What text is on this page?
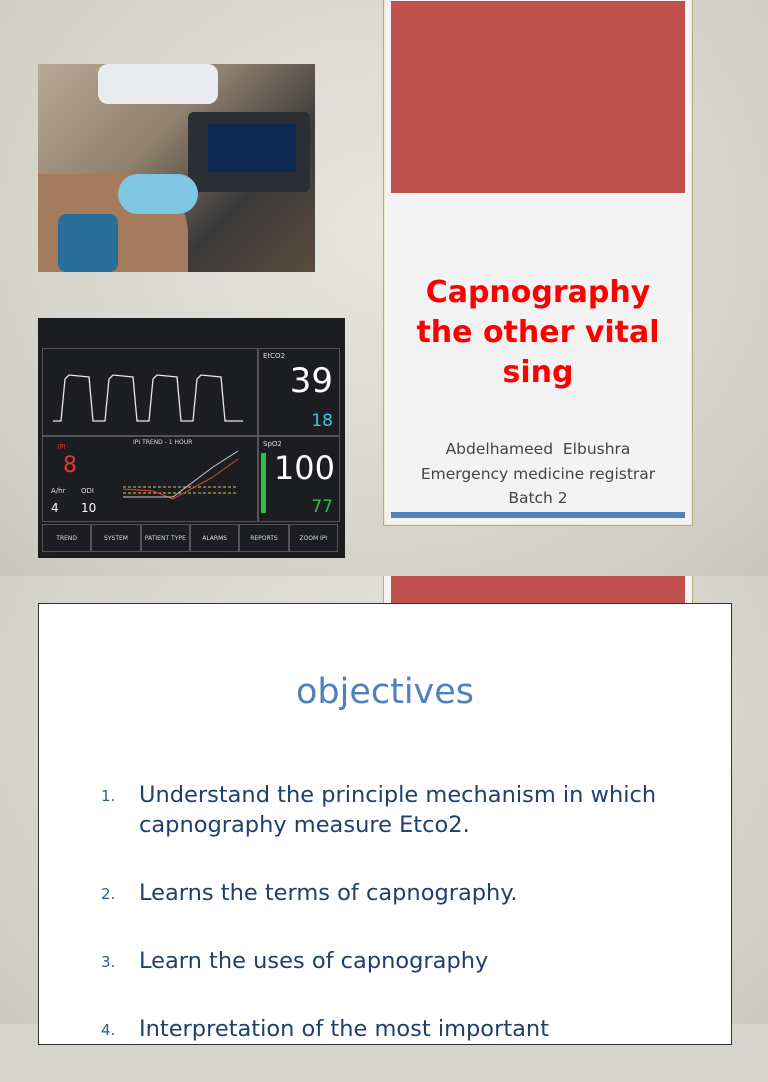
EtCO2
39
18
IPI TREND - 1 HOUR
IPI
8
A/hr
4
ODI
10
SpO2
100
77
TREND	SYSTEM	PATIENT TYPE	ALARMS	REPORTS	ZOOM IPI
Capnography
the other vital
sing
Abdelhameed  Elbushra
Emergency medicine registrar
Batch 2
objectives
1. Understand the principle mechanism in which capnography measure Etco2.
2. Learns the terms of capnography.
3. Learn the uses of capnography
4. Interpretation of the most important
